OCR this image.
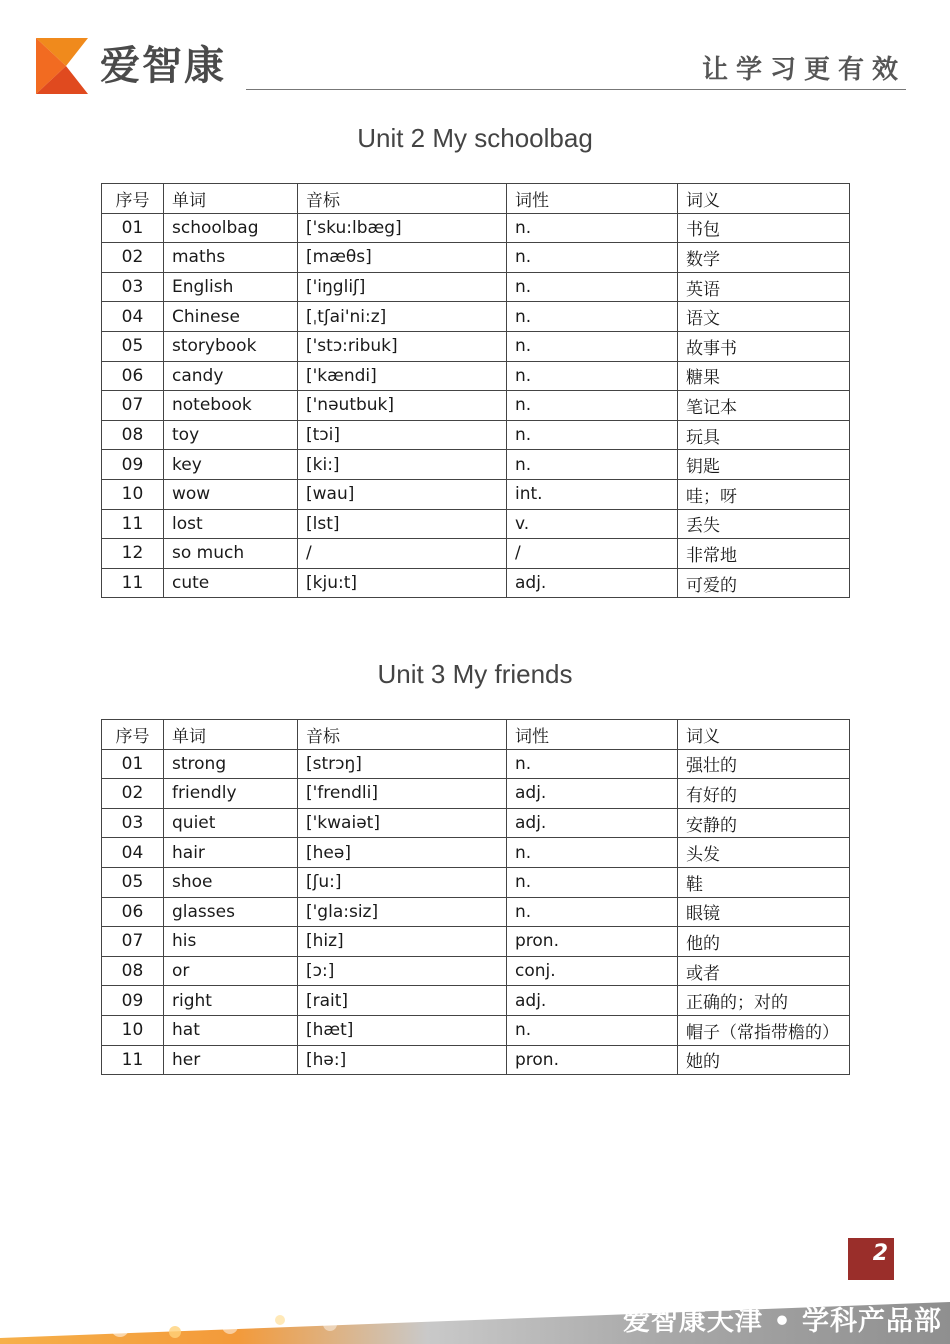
爱智康	让学习更有效
Unit 2 My schoolbag
序号	单词	音标	词性	词义
01	schoolbag	['sku:lbæg]	n.	书包
02	maths	[mæθs]	n.	数学
03	English	['iŋgliʃ]	n.	英语
04	Chinese	[ˌtʃai'ni:z]	n.	语文
05	storybook	['stɔ:ribuk]	n.	故事书
06	candy	['kændi]	n.	糖果
07	notebook	['nəutbuk]	n.	笔记本
08	toy	[tɔi]	n.	玩具
09	key	[ki:]	n.	钥匙
10	wow	[wau]	int.	哇；呀
11	lost	[lst]	v.	丢失
12	so much	/	/	非常地
11	cute	[kju:t]	adj.	可爱的
Unit 3 My friends
序号	单词	音标	词性	词义
01	strong	[strɔŋ]	n.	强壮的
02	friendly	['frendli]	adj.	有好的
03	quiet	['kwaiət]	adj.	安静的
04	hair	[heə]	n.	头发
05	shoe	[ʃu:]	n.	鞋
06	glasses	['gla:siz]	n.	眼镜
07	his	[hiz]	pron.	他的
08	or	[ɔ:]	conj.	或者
09	right	[rait]	adj.	正确的；对的
10	hat	[hæt]	n.	帽子（常指带檐的）
11	her	[hə:]	pron.	她的
2
爱智康天津 • 学科产品部
